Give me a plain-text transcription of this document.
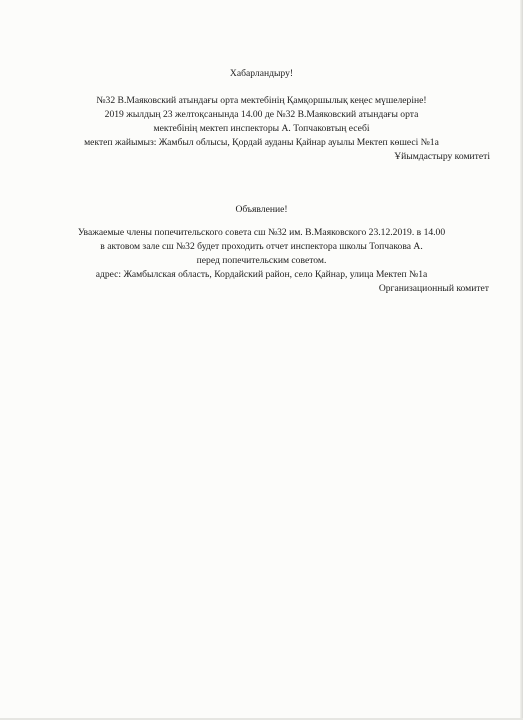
Хабарландыру!
№32 В.Маяковский атындағы орта мектебінің Қамқоршылық кеңес мүшелеріне!
2019 жылдың 23 желтоқсанында 14.00 де №32 В.Маяковский атындағы орта
мектебінің мектеп инспекторы А. Топчаковтың есебі
мектеп жайымыз: Жамбыл облысы, Қордай ауданы Қайнар ауылы Мектеп көшесі №1а
Ұйымдастыру комитеті
Объявление!
Уважаемые члены попечительского совета сш №32 им. В.Маяковского 23.12.2019. в 14.00
в актовом зале сш №32 будет проходить отчет инспектора школы Топчакова А.
перед попечительским советом.
адрес: Жамбылская область, Кордайский район, село Қайнар, улица Мектеп №1а
Организационный комитет
